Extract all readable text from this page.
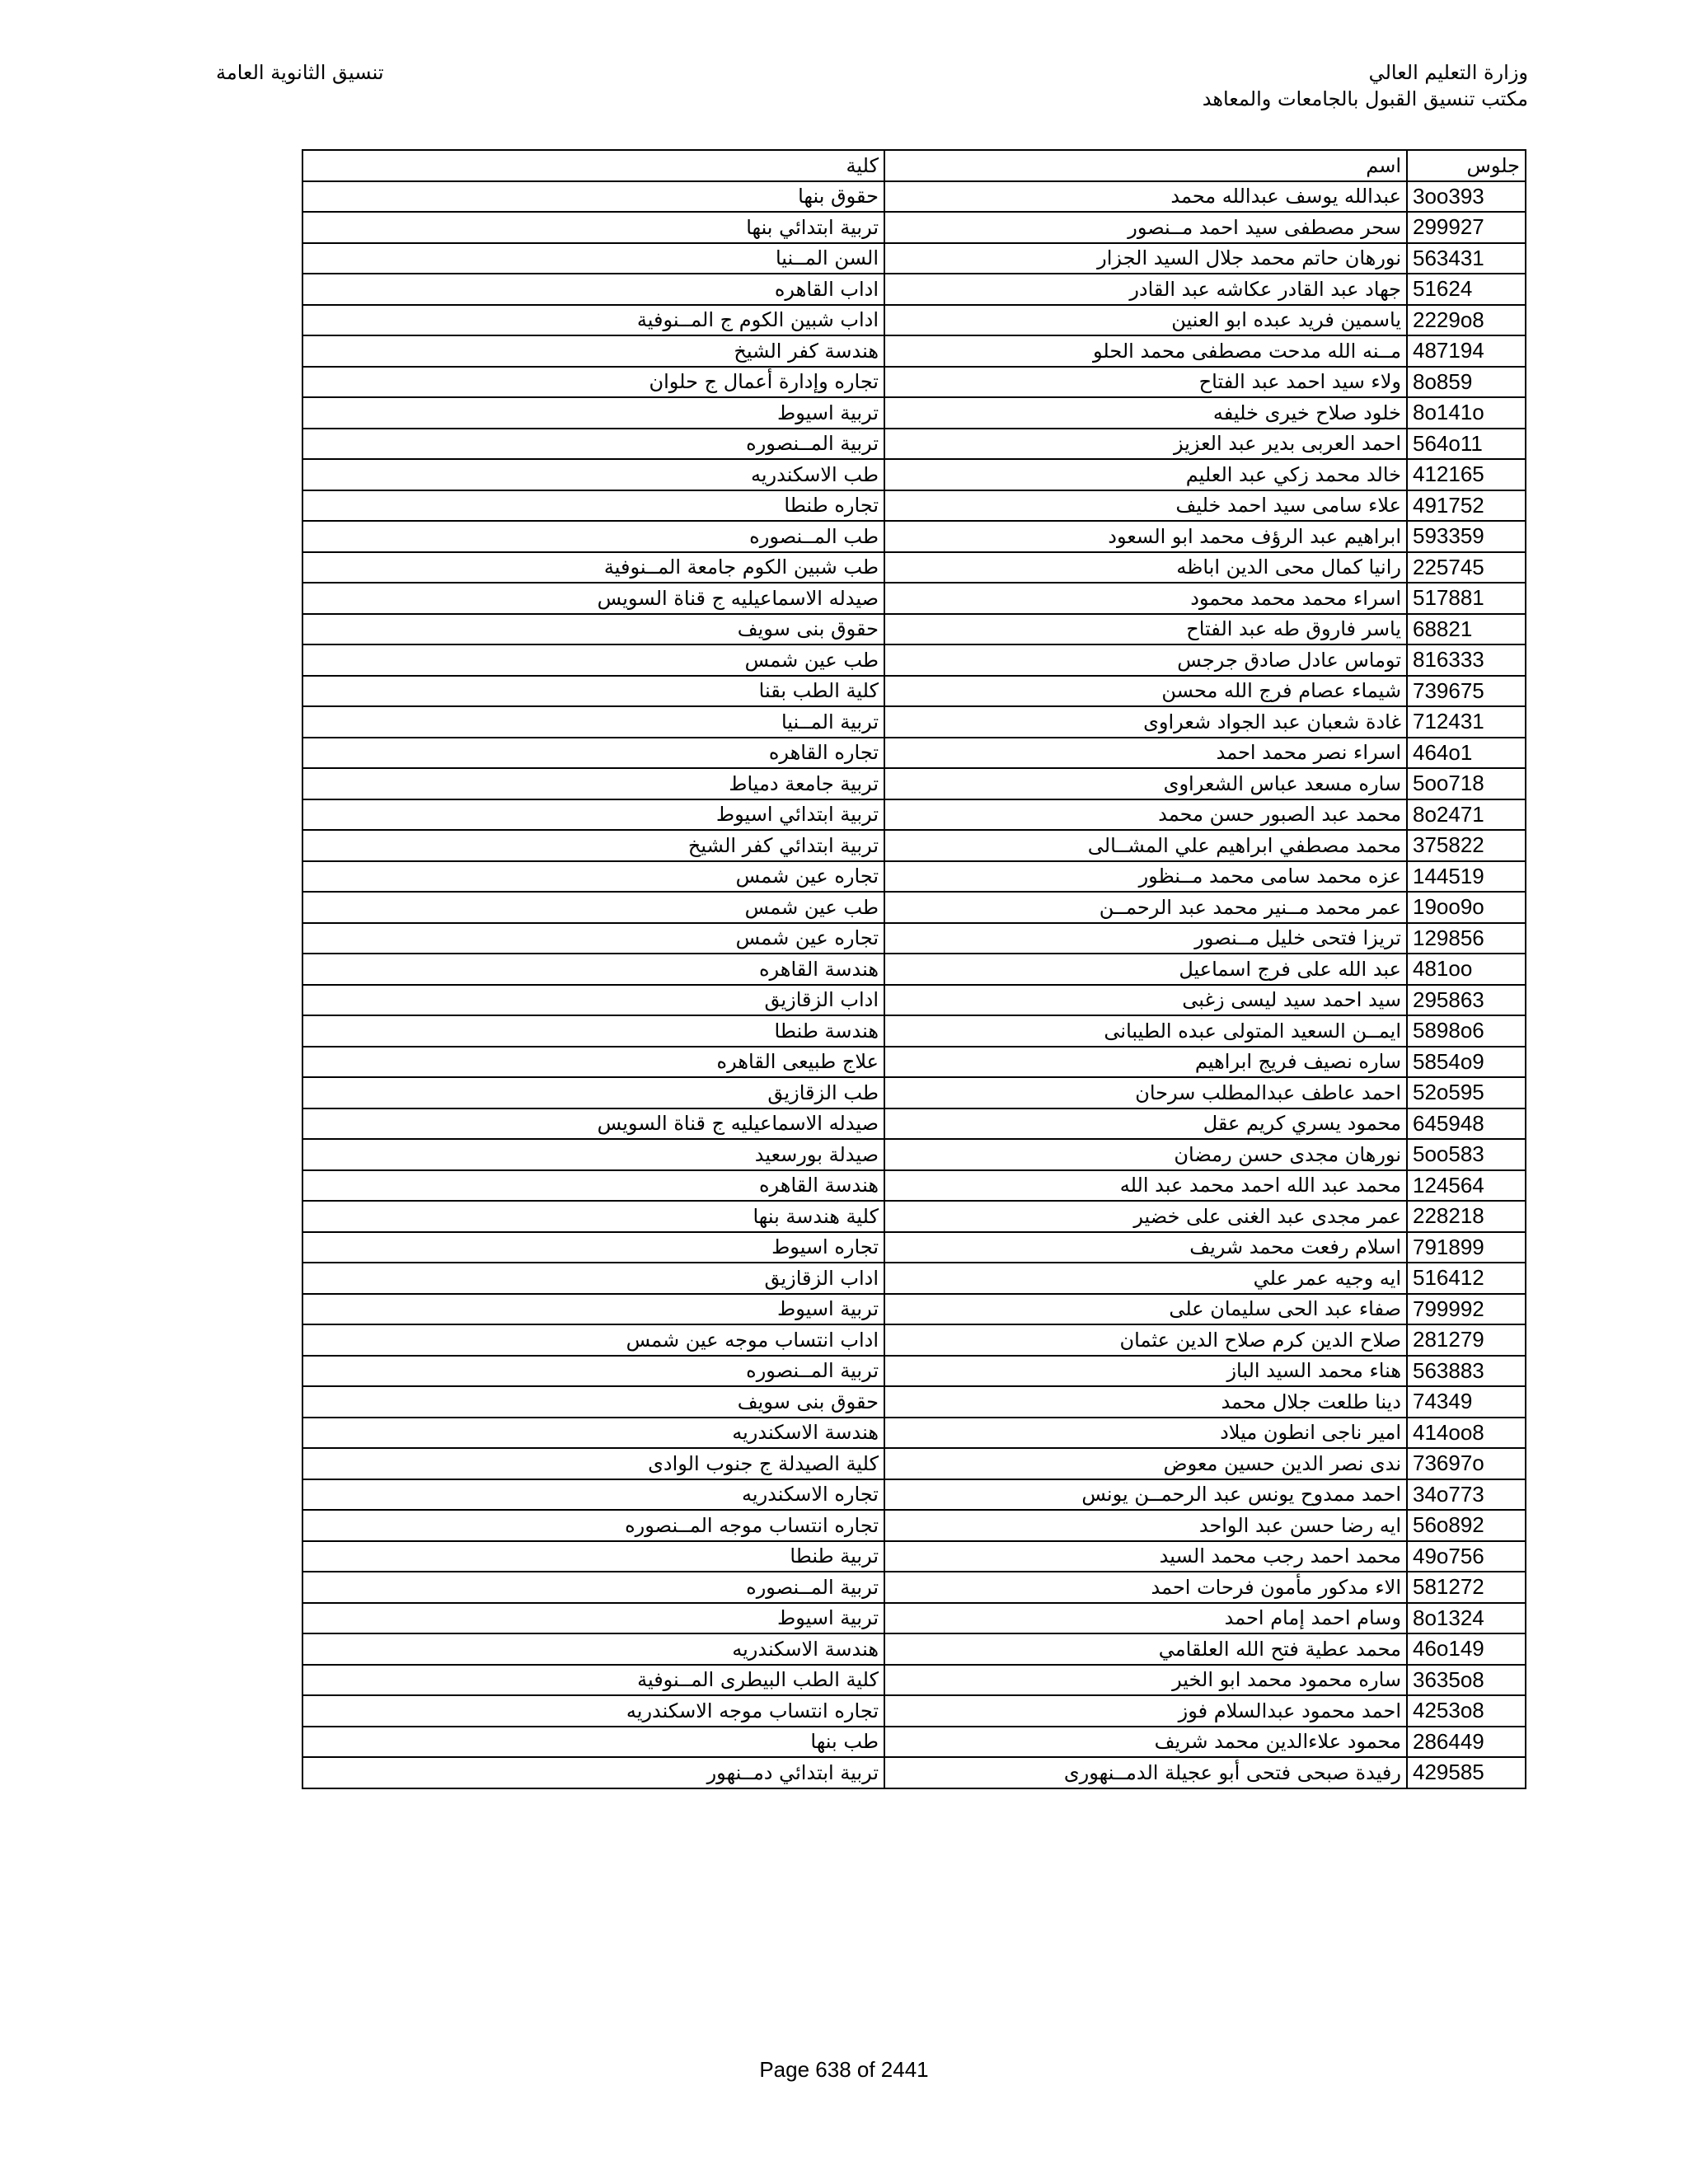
وزارة التعليم العالي
مكتب تنسيق القبول بالجامعات والمعاهد
تنسيق الثانوية العامة
جلوس	اسم	كلية
3oo393	عبدالله يوسف عبدالله محمد	حقوق بنها
299927	سحر مصطفى سيد احمد مــنصور	تربية ابتدائي بنها
563431	نورهان حاتم محمد جلال السيد الجزار	السن المــنيا
51624	جهاد عبد القادر عكاشه عبد القادر	اداب القاهره
2229o8	ياسمين فريد عبده ابو العنين	اداب شبين الكوم ج المــنوفية
487194	مــنه الله مدحت مصطفى محمد الحلو	هندسة كفر الشيخ
8o859	ولاء سيد احمد عبد الفتاح	تجاره وإدارة أعمال ج حلوان
8o141o	خلود صلاح خيرى خليفه	تربية اسيوط
564o11	احمد العربى بدير عبد العزيز	تربية المــنصوره
412165	خالد محمد زكي عبد العليم	طب الاسكندريه
491752	علاء سامى سيد احمد خليف	تجاره طنطا
593359	ابراهيم عبد الرؤف محمد ابو السعود	طب المــنصوره
225745	رانيا كمال محى الدين اباظه	طب شبين الكوم جامعة المــنوفية
517881	اسراء محمد محمد محمود	صيدله الاسماعيليه ج قناة السويس
68821	ياسر فاروق طه عبد الفتاح	حقوق بنى سويف
816333	توماس عادل صادق جرجس	طب عين شمس
739675	شيماء عصام فرج الله محسن	كلية الطب بقنا
712431	غادة شعبان عبد الجواد شعراوى	تربية المــنيا
464o1	اسراء نصر محمد احمد	تجاره القاهره
5oo718	ساره مسعد عباس الشعراوى	تربية جامعة دمياط
8o2471	محمد عبد الصبور حسن محمد	تربية ابتدائي اسيوط
375822	محمد مصطفي ابراهيم علي المشــالى	تربية ابتدائي كفر الشيخ
144519	عزه محمد سامى محمد مــنظور	تجاره عين شمس
19oo9o	عمر محمد مــنير محمد عبد الرحمــن	طب عين شمس
129856	تريزا فتحى خليل مــنصور	تجاره عين شمس
481oo	عبد الله على فرج اسماعيل	هندسة القاهره
295863	سيد احمد سيد ليسى زغبى	اداب الزقازيق
5898o6	ايمــن السعيد المتولى عبده الطيبانى	هندسة طنطا
5854o9	ساره نصيف فريج ابراهيم	علاج طبيعى القاهره
52o595	احمد عاطف عبدالمطلب سرحان	طب الزقازيق
645948	محمود يسري كريم عقل	صيدله الاسماعيليه ج قناة السويس
5oo583	نورهان مجدى حسن رمضان	صيدلة بورسعيد
124564	محمد عبد الله احمد محمد عبد الله	هندسة القاهره
228218	عمر مجدى عبد الغنى على خضير	كلية هندسة بنها
791899	اسلام رفعت محمد شريف	تجاره اسيوط
516412	ايه وجيه عمر علي	اداب الزقازيق
799992	صفاء عبد الحى سليمان على	تربية اسيوط
281279	صلاح الدين كرم صلاح الدين عثمان	اداب انتساب موجه عين شمس
563883	هناء محمد السيد الباز	تربية المــنصوره
74349	دينا طلعت جلال محمد	حقوق بنى سويف
414oo8	امير ناجى انطون ميلاد	هندسة الاسكندريه
73697o	ندى نصر الدين حسين معوض	كلية الصيدلة ج جنوب الوادى
34o773	احمد ممدوح يونس عبد الرحمــن يونس	تجاره الاسكندريه
56o892	ايه رضا حسن عبد الواحد	تجاره انتساب موجه المــنصوره
49o756	محمد احمد رجب محمد السيد	تربية طنطا
581272	الاء مدكور مأمون فرحات احمد	تربية المــنصوره
8o1324	وسام احمد إمام احمد	تربية اسيوط
46o149	محمد عطية فتح الله العلقامي	هندسة الاسكندريه
3635o8	ساره محمود محمد ابو الخير	كلية الطب البيطرى المــنوفية
4253o8	احمد محمود عبدالسلام فوز	تجاره انتساب موجه الاسكندريه
286449	محمود علاءالدين محمد شريف	طب بنها
429585	رفيدة صبحى فتحى أبو عجيلة الدمــنهورى	تربية ابتدائي دمــنهور
Page 638 of 2441
